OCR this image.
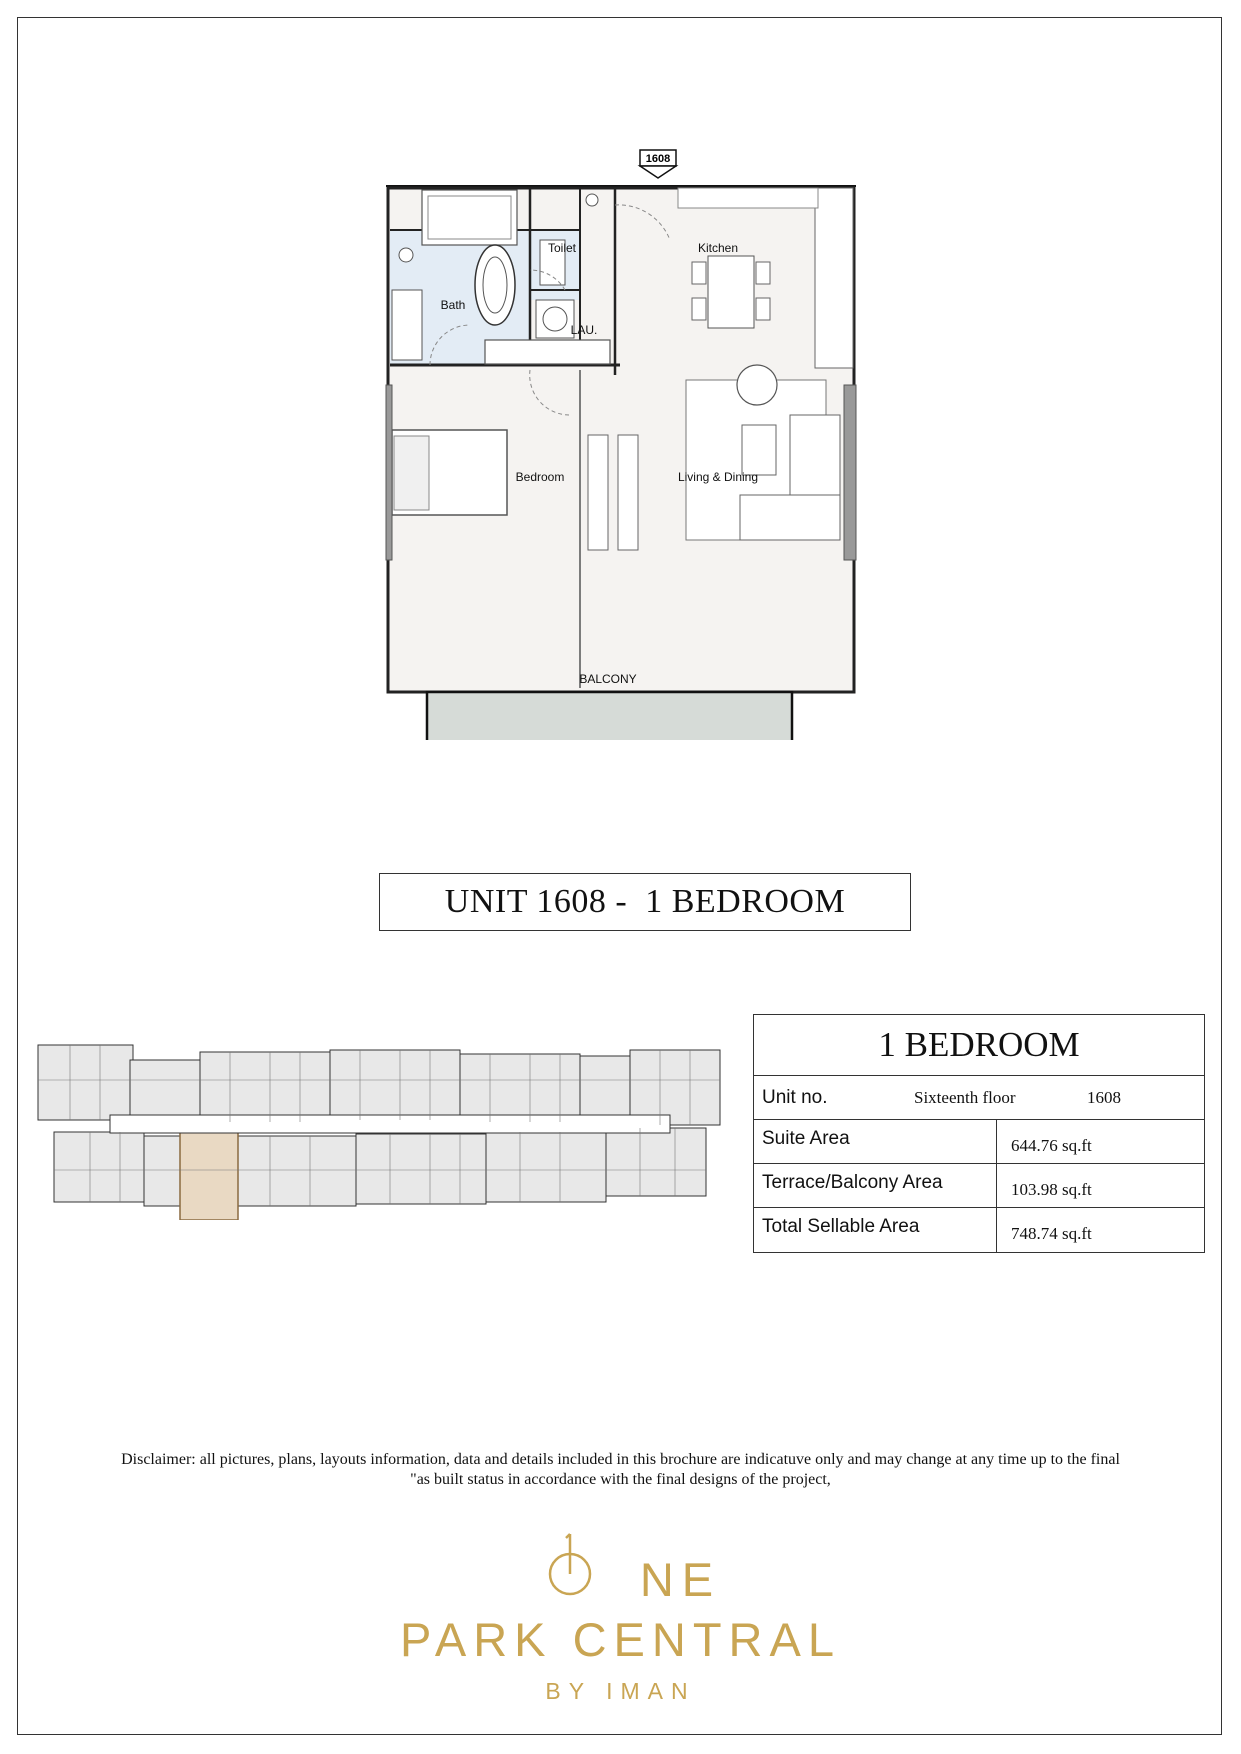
1608
Toilet	Kitchen
Bath
LAU.
Bedroom	Living & Dining
BALCONY
UNIT 1608 -  1 BEDROOM
1 BEDROOM
Unit no.	Sixteenth floor	1608
Suite Area	644.76 sq.ft
Terrace/Balcony Area	103.98 sq.ft
Total Sellable Area	748.74 sq.ft
Disclaimer: all pictures, plans, layouts information, data and details included in this brochure are indicatuve only and may change at any time up to the final
"as built status in accordance with the final designs of the project,
NE
PARK CENTRAL
BY IMAN
